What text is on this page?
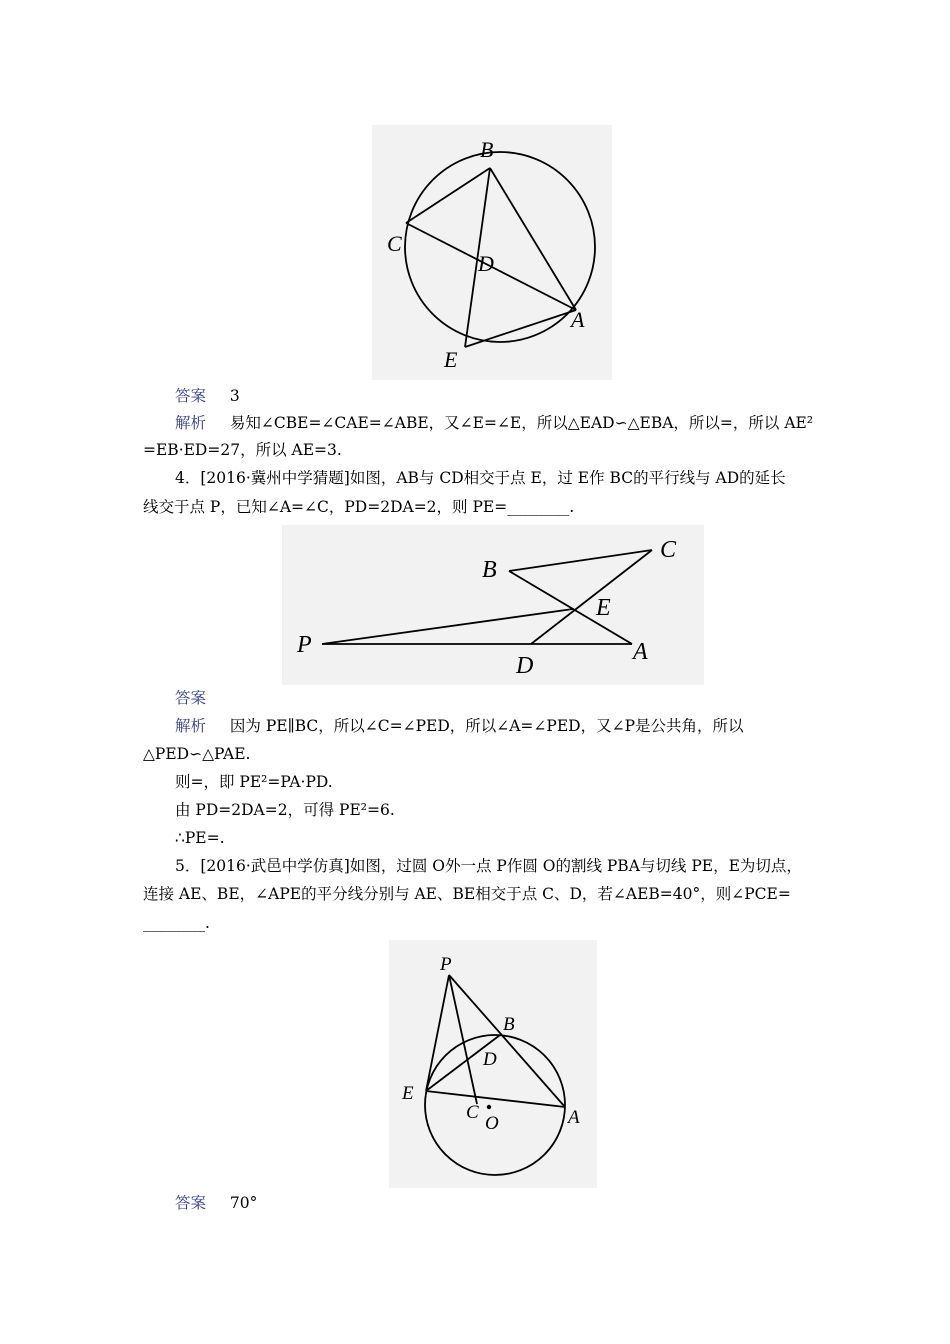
B
C
D
A
E
答案 3
解析 易知∠CBE=∠CAE=∠ABE，又∠E=∠E，所以△EAD∽△EBA，所以=，所以 AE²
=EB·ED=27，所以 AE=3.
4．[2016·冀州中学猜题]如图，AB与 CD相交于点 E，过 E作 BC的平行线与 AD的延长
线交于点 P，已知∠A=∠C，PD=2DA=2，则 PE=________.
B
C
E
P
D
A
答案
解析 因为 PE∥BC，所以∠C=∠PED，所以∠A=∠PED，又∠P是公共角，所以
△PED∽△PAE.
则=，即 PE²=PA·PD.
由 PD=2DA=2，可得 PE²=6.
∴PE=.
5．[2016·武邑中学仿真]如图，过圆 O外一点 P作圆 O的割线 PBA与切线 PE，E为切点，
连接 AE、BE，∠APE的平分线分别与 AE、BE相交于点 C、D，若∠AEB=40°，则∠PCE=
________.
P
B
D
E
C
O	A
答案 70°
